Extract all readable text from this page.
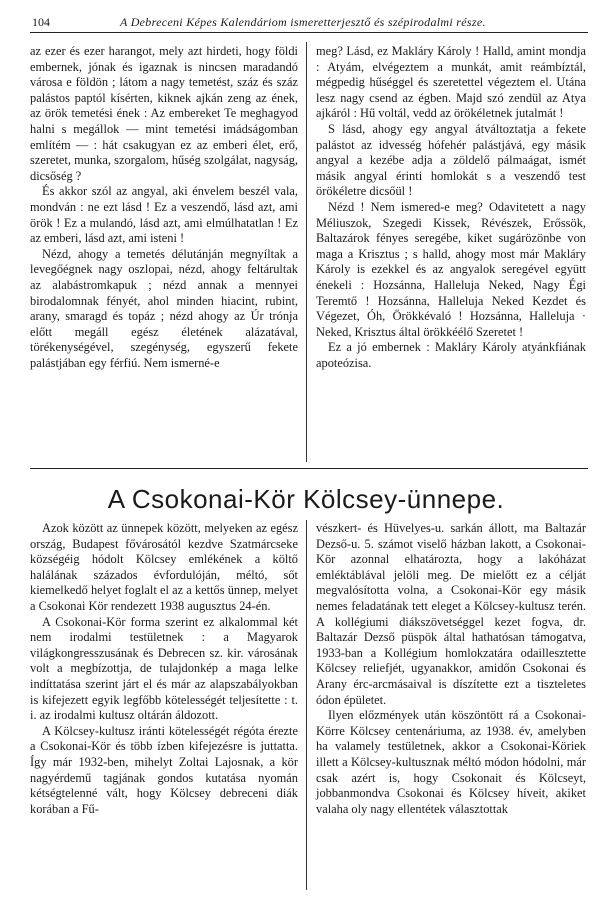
104	A Debreceni Képes Kalendáriom ismeretterjesztő és szépirodalmi része.

az ezer és ezer harangot, mely azt hirdeti, hogy földi embernek, jónak és igaznak is nincsen maradandó városa e földön ; látom a nagy temetést, száz és száz palástos paptól kísérten, kiknek ajkán zeng az ének, az örök temetési ének : Az embereket Te meghagyod halni s megállok — mint temetési imádságomban említém — : hát csakugyan ez az emberi élet, erő, szeretet, munka, szorgalom, hűség szolgálat, nagyság, dicsőség ?

És akkor szól az angyal, aki énvelem beszél vala, mondván : ne ezt lásd ! Ez a veszendő, lásd azt, ami örök ! Ez a mulandó, lásd azt, ami elmúlhatatlan ! Ez az emberi, lásd azt, ami isteni !

Nézd, ahogy a temetés délutánján megnyíltak a levegőégnek nagy oszlopai, nézd, ahogy feltárultak az alabástromkapuk ; nézd annak a mennyei birodalomnak fényét, ahol minden hiacint, rubint, arany, smaragd és topáz ; nézd ahogy az Úr trónja előtt megáll egész életének alázatával, törékenységével, szegénység, egyszerű fekete palástjában egy férfiú. Nem ismerné-e

meg? Lásd, ez Makláry Károly ! Halld, amint mondja : Atyám, elvégeztem a munkát, amit reámbíztál, mégpedig hűséggel és szeretettel végeztem el. Utána lesz nagy csend az égben. Majd szó zendül az Atya ajkáról : Hű voltál, vedd az örökéletnek jutalmát !

S lásd, ahogy egy angyal átváltoztatja a fekete palástot az idvesség hófehér palástjává, egy másik angyal a kezébe adja a zöldelő pálmaágat, ismét másik angyal érinti homlokát s a veszendő test örökéletre dicsőül !

Nézd ! Nem ismered-e meg? Odavitetett a nagy Méliuszok, Szegedi Kissek, Révészek, Erőssök, Baltazárok fényes seregébe, kiket sugárözönbe von maga a Krisztus ; s halld, ahogy most már Makláry Károly is ezekkel és az angyalok seregével együtt énekeli : Hozsánna, Halleluja Neked, Nagy Égi Teremtő ! Hozsánna, Halleluja Neked Kezdet és Végezet, Óh, Örökkévaló ! Hozsánna, Halleluja · Neked, Krisztus által örökkéélő Szeretet !

Ez a jó embernek : Makláry Károly atyánkfiának apoteózisa.

A Csokonai-Kör Kölcsey-ünnepe.

Azok között az ünnepek között, melyeken az egész ország, Budapest fővárosától kezdve Szatmárcseke községéig hódolt Kölcsey emlékének a költő halálának százados évfordulóján, méltó, sőt kiemelkedő helyet foglalt el az a kettős ünnep, melyet a Csokonai Kör rendezett 1938 augusztus 24-én.

A Csokonai-Kör forma szerint ez alkalommal két nem irodalmi testületnek : a Magyarok világkongresszusának és Debrecen sz. kir. városának volt a megbízottja, de tulajdonkép a maga lelke indíttatása szerint járt el és már az alapszabályokban is kifejezett egyik legfőbb kötelességét teljesítette : t. i. az irodalmi kultusz oltárán áldozott.

A Kölcsey-kultusz iránti kötelességét régóta érezte a Csokonai-Kör és több ízben kifejezésre is juttatta. Így már 1932-ben, mihelyt Zoltai Lajosnak, a kör nagyérdemű tagjának gondos kutatása nyomán kétségtelenné vált, hogy Kölcsey debreceni diák korában a Fű-

vészkert- és Hüvelyes-u. sarkán állott, ma Baltazár Dezső-u. 5. számot viselő házban lakott, a Csokonai-Kör azonnal elhatározta, hogy a lakóházat emléktáblával jelöli meg. De mielőtt ez a célját megvalósította volna, a Csokonai-Kör egy másik nemes feladatának tett eleget a Kölcsey-kultusz terén. A kollégiumi diákszövetséggel kezet fogva, dr. Baltazár Dezső püspök által hathatósan támogatva, 1933-ban a Kollégium homlokzatára odaillesztette Kölcsey reliefjét, ugyanakkor, amidőn Csokonai és Arany érc-arcmásaival is díszítette ezt a tiszteletes ódon épületet.

Ilyen előzmények után köszöntött rá a Csokonai-Körre Kölcsey centenáriuma, az 1938. év, amelyben ha valamely testületnek, akkor a Csokonai-Köriek illett a Kölcsey-kultusznak méltó módon hódolni, már csak azért is, hogy Csokonait és Kölcseyt, jobbanmondva Csokonai és Kölcsey híveit, akiket valaha oly nagy ellentétek választottak
